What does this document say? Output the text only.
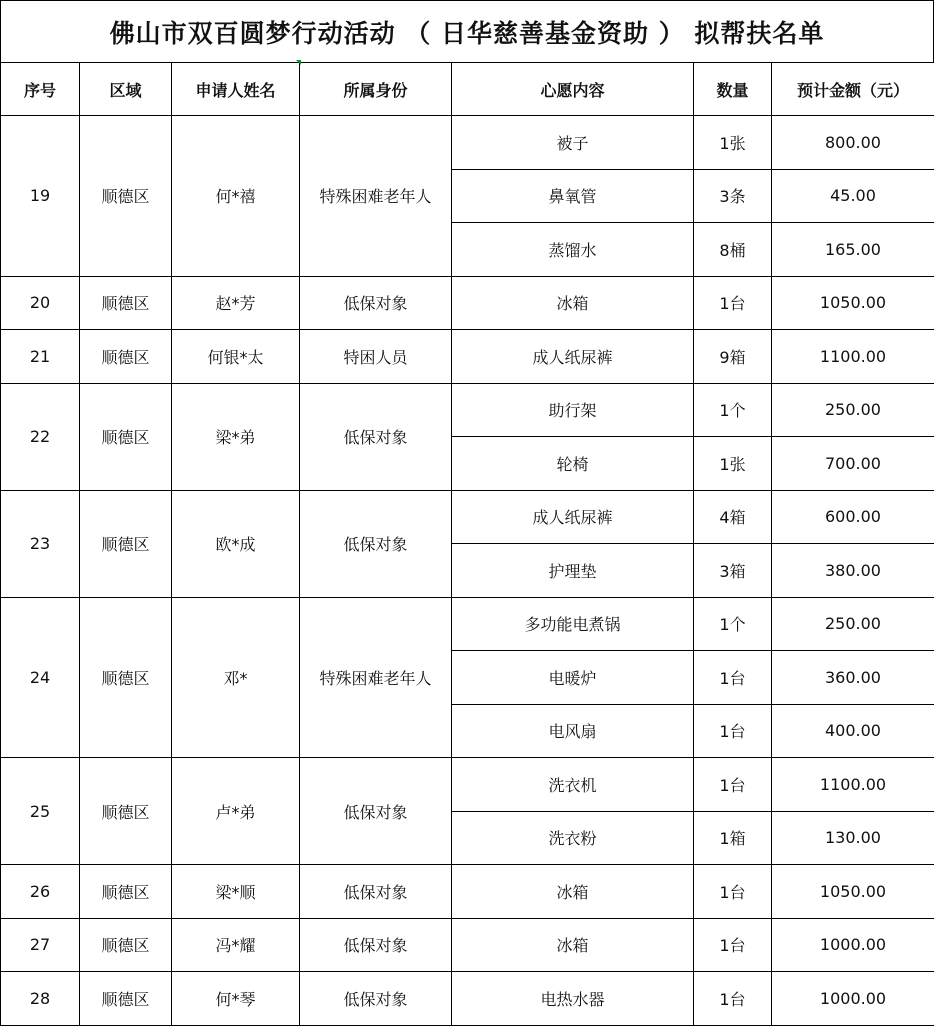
佛山市双百圆梦行动活动 （ 日华慈善基金资助 ） 拟帮扶名单
序号	区域	申请人姓名	所属身份	心愿内容	数量	预计金额（元）
19	顺德区	何*禧	特殊困难老年人	被子	1张	800.00
				鼻氧管	3条	45.00
				蒸馏水	8桶	165.00
20	顺德区	赵*芳	低保对象	冰箱	1台	1050.00
21	顺德区	何银*太	特困人员	成人纸尿裤	9箱	1100.00
22	顺德区	梁*弟	低保对象	助行架	1个	250.00
				轮椅	1张	700.00
23	顺德区	欧*成	低保对象	成人纸尿裤	4箱	600.00
				护理垫	3箱	380.00
24	顺德区	邓*	特殊困难老年人	多功能电煮锅	1个	250.00
				电暖炉	1台	360.00
				电风扇	1台	400.00
25	顺德区	卢*弟	低保对象	洗衣机	1台	1100.00
				洗衣粉	1箱	130.00
26	顺德区	梁*顺	低保对象	冰箱	1台	1050.00
27	顺德区	冯*耀	低保对象	冰箱	1台	1000.00
28	顺德区	何*琴	低保对象	电热水器	1台	1000.00
